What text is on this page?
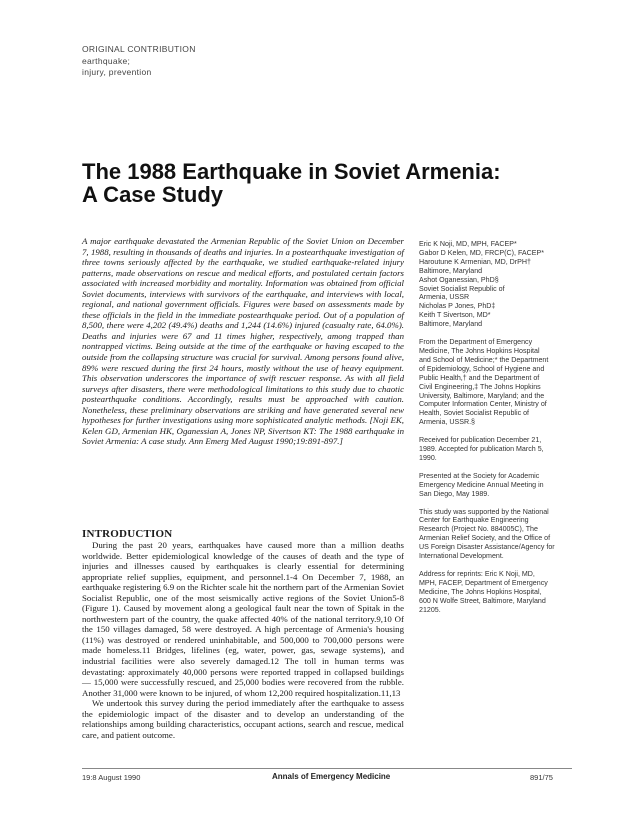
ORIGINAL CONTRIBUTION
earthquake;
injury, prevention
The 1988 Earthquake in Soviet Armenia:
A Case Study

A major earthquake devastated the Armenian Republic of the Soviet Union on December 7, 1988, resulting in thousands of deaths and injuries. In a postearthquake investigation of three towns seriously affected by the earthquake, we studied earthquake-related injury patterns, made observations on rescue and medical efforts, and postulated certain factors associated with increased morbidity and mortality. Information was obtained from official Soviet documents, interviews with survivors of the earthquake, and interviews with local, regional, and national government officials. Figures were based on assessments made by these officials in the field in the immediate postearthquake period. Out of a population of 8,500, there were 4,202 (49.4%) deaths and 1,244 (14.6%) injured (casualty rate, 64.0%). Deaths and injuries were 67 and 11 times higher, respectively, among trapped than nontrapped victims. Being outside at the time of the earthquake or having escaped to the outside from the collapsing structure was crucial for survival. Among persons found alive, 89% were rescued during the first 24 hours, mostly without the use of heavy equipment. This observation underscores the importance of swift rescuer response. As with all field surveys after disasters, there were methodological limitations to this study due to chaotic postearthquake conditions. Accordingly, results must be approached with caution. Nonetheless, these preliminary observations are striking and have generated several new hypotheses for further investigations using more sophisticated analytic methods. [Noji EK, Kelen GD, Armenian HK, Oganessian A, Jones NP, Sivertson KT: The 1988 earthquake in Soviet Armenia: A case study. Ann Emerg Med August 1990;19:891-897.]

INTRODUCTION

During the past 20 years, earthquakes have caused more than a million deaths worldwide. Better epidemiological knowledge of the causes of death and the type of injuries and illnesses caused by earthquakes is clearly essential for determining appropriate relief supplies, equipment, and personnel.1-4 On December 7, 1988, an earthquake registering 6.9 on the Richter scale hit the northern part of the Armenian Soviet Socialist Republic, one of the most seismically active regions of the Soviet Union5-8 (Figure 1). Caused by movement along a geological fault near the town of Spitak in the northwestern part of the country, the quake affected 40% of the national territory.9,10 Of the 150 villages damaged, 58 were destroyed. A high percentage of Armenia's housing (11%) was destroyed or rendered uninhabitable, and 500,000 to 700,000 persons were made homeless.11 Bridges, lifelines (eg, water, power, gas, sewage systems), and industrial facilities were also severely damaged.12 The toll in human terms was devastating: approximately 40,000 persons were reported trapped in collapsed buildings — 15,000 were successfully rescued, and 25,000 bodies were recovered from the rubble. Another 31,000 were known to be injured, of whom 12,200 required hospitalization.11,13

We undertook this survey during the period immediately after the earthquake to assess the epidemiologic impact of the disaster and to develop an understanding of the relationships among building characteristics, occupant actions, search and rescue, medical care, and patient outcome.

Eric K Noji, MD, MPH, FACEP*
Gabor D Kelen, MD, FRCP(C), FACEP*
Haroutune K Armenian, MD, DrPH†
Baltimore, Maryland
Ashot Oganessian, PhD§
Soviet Socialist Republic of
Armenia, USSR
Nicholas P Jones, PhD‡
Keith T Sivertson, MD*
Baltimore, Maryland
From the Department of Emergency
Medicine, The Johns Hopkins Hospital
and School of Medicine;* the Department
of Epidemiology, School of Hygiene and
Public Health,† and the Department of
Civil Engineering,‡ The Johns Hopkins
University, Baltimore, Maryland; and the
Computer Information Center, Ministry of
Health, Soviet Socialist Republic of
Armenia, USSR.§
Received for publication December 21,
1989. Accepted for publication March 5,
1990.
Presented at the Society for Academic
Emergency Medicine Annual Meeting in
San Diego, May 1989.
This study was supported by the National
Center for Earthquake Engineering
Research (Project No. 884005C), The
Armenian Relief Society, and the Office of
US Foreign Disaster Assistance/Agency for
International Development.
Address for reprints: Eric K Noji, MD,
MPH, FACEP, Department of Emergency
Medicine, The Johns Hopkins Hospital,
600 N Wolfe Street, Baltimore, Maryland
21205.
19:8 August 1990	Annals of Emergency Medicine	891/75
